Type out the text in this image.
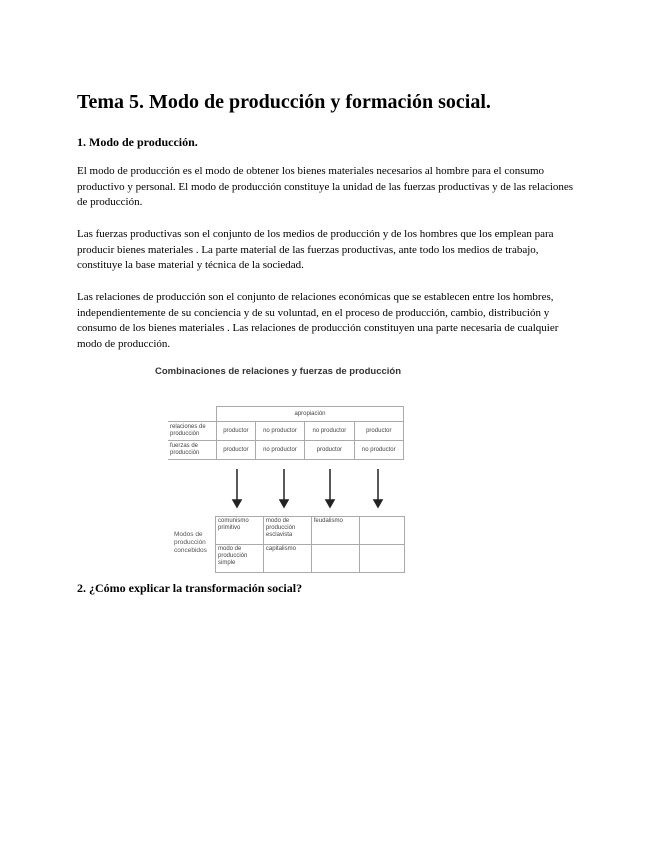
Tema 5. Modo de producción y formación social.

1. Modo de producción.

El modo de producción es el modo de obtener los bienes materiales necesarios al hombre para el consumo productivo y personal. El modo de producción constituye la unidad de las fuerzas productivas y de las relaciones de producción.

Las fuerzas productivas son el conjunto de los medios de producción y de los hombres que los emplean para producir bienes materiales . La parte material de las fuerzas productivas, ante todo los medios de trabajo, constituye la base material y técnica de la sociedad.

Las relaciones de producción son el conjunto de relaciones económicas que se establecen entre los hombres, independientemente de su conciencia y de su voluntad, en el proceso de producción, cambio, distribución y consumo de los bienes materiales . Las relaciones de producción constituyen una parte necesaria de cualquier modo de producción.

Combinaciones de relaciones y fuerzas de producción
	apropiación			
relaciones de producción	productor	no productor	no productor	productor
fuerzas de producción	productor	no productor	productor	no productor
Modos de producción concebidos
comunismo primitivo	modo de producción esclavista	feudalismo	
modo de producción simple	capitalismo		

2. ¿Cómo explicar la transformación social?
